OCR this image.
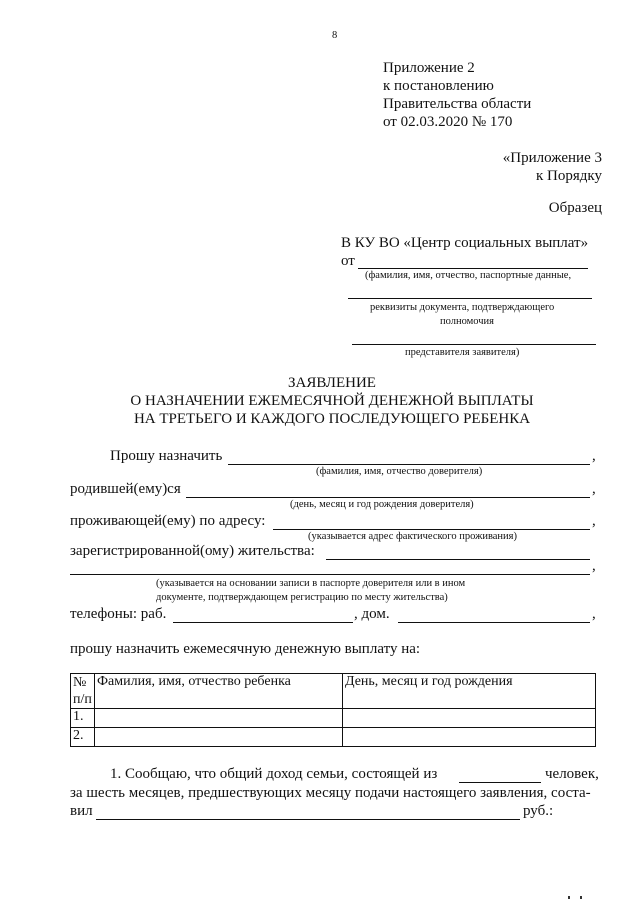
8
Приложение 2
к постановлению
Правительства области
от 02.03.2020 № 170
«Приложение 3
к Порядку
Образец
В КУ ВО «Центр социальных выплат»
от
(фамилия, имя, отчество, паспортные данные,
реквизиты документа, подтверждающего
полномочия
представителя заявителя)
ЗАЯВЛЕНИЕ
О НАЗНАЧЕНИИ ЕЖЕМЕСЯЧНОЙ ДЕНЕЖНОЙ ВЫПЛАТЫ
НА ТРЕТЬЕГО И КАЖДОГО ПОСЛЕДУЮЩЕГО РЕБЕНКА
Прошу назначить	,
(фамилия, имя, отчество доверителя)
родившей(ему)ся	,
(день, месяц и год рождения доверителя)
проживающей(ему) по адресу:	,
(указывается адрес фактического проживания)
зарегистрированной(ому) жительства:
,
(указывается на основании записи в паспорте доверителя или в ином
документе, подтверждающем регистрацию по месту жительства)
телефоны: раб.	, дом.	,
прошу назначить ежемесячную денежную выплату на:
№ п/п	Фамилия, имя, отчество ребенка	День, месяц и год рождения
1.		
2.		
1. Сообщаю, что общий доход семьи, состоящей из	человек,
за шесть месяцев, предшествующих месяцу подачи настоящего заявления, соста-
вил	руб.:
